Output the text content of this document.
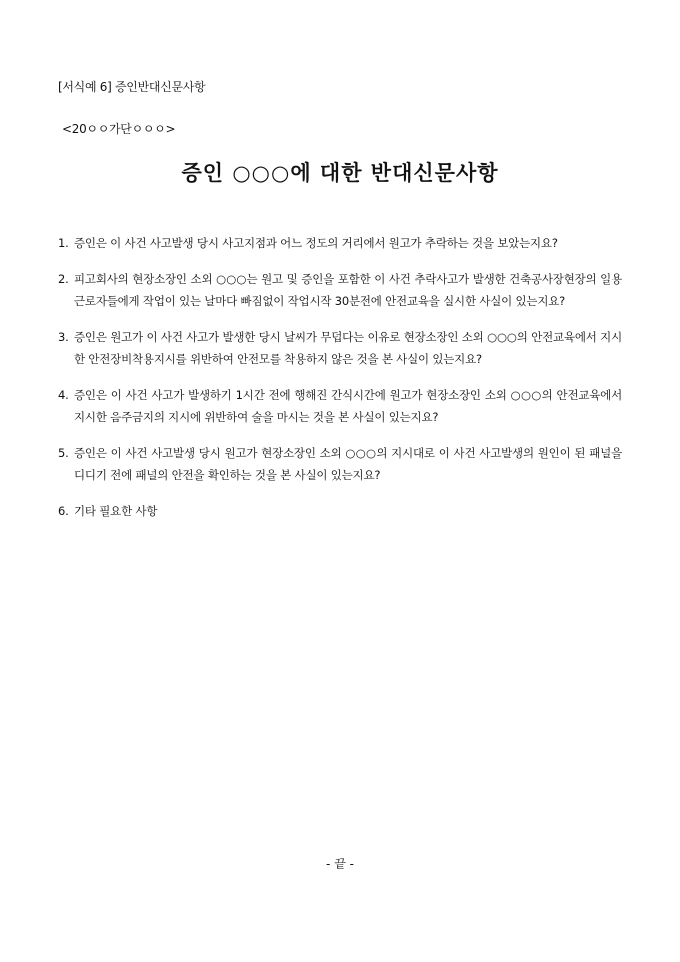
[서식예 6] 증인반대신문사항
<20ㅇㅇ가단ㅇㅇㅇ>
증인 ○○○에 대한 반대신문사항
1. 증인은 이 사건 사고발생 당시 사고지점과 어느 정도의 거리에서 원고가 추락하는 것을 보았는지요?
2. 피고회사의 현장소장인 소외 ○○○는 원고 및 증인을 포함한 이 사건 추락사고가 발생한 건축공사장현장의 일용근로자들에게 작업이 있는 날마다 빠짐없이 작업시작 30분전에 안전교육을 실시한 사실이 있는지요?
3. 증인은 원고가 이 사건 사고가 발생한 당시 날씨가 무덥다는 이유로 현장소장인 소외 ○○○의 안전교육에서 지시한 안전장비착용지시를 위반하여 안전모를 착용하지 않은 것을 본 사실이 있는지요?
4. 증인은 이 사건 사고가 발생하기 1시간 전에 행해진 간식시간에 원고가 현장소장인 소외 ○○○의 안전교육에서 지시한 음주금지의 지시에 위반하여 술을 마시는 것을 본 사실이 있는지요?
5. 증인은 이 사건 사고발생 당시 원고가 현장소장인 소외 ○○○의 지시대로 이 사건 사고발생의 원인이 된 패널을 디디기 전에 패널의 안전을 확인하는 것을 본 사실이 있는지요?
6. 기타 필요한 사항
- 끝 -
